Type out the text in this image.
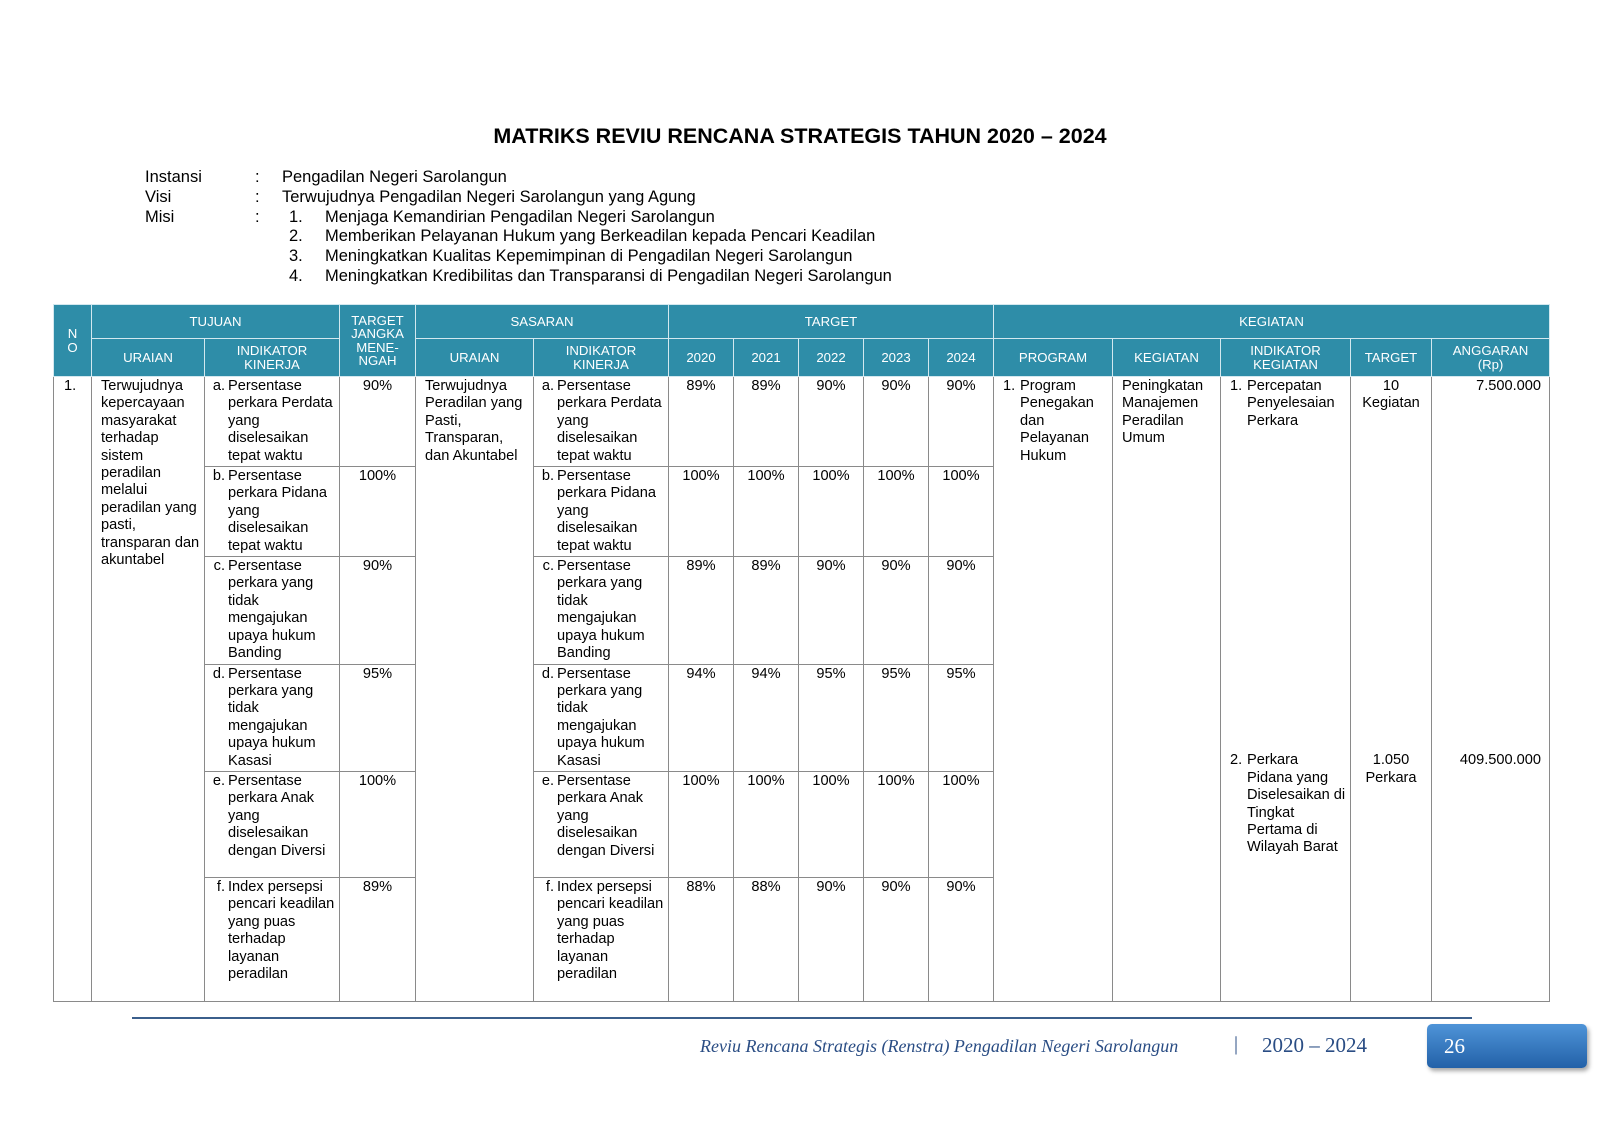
MATRIKS REVIU RENCANA STRATEGIS TAHUN 2020 – 2024
Instansi	:	Pengadilan Negeri Sarolangun
Visi	:	Terwujudnya Pengadilan Negeri Sarolangun yang Agung
Misi	:	1.	Menjaga Kemandirian Pengadilan Negeri Sarolangun
2.	Memberikan Pelayanan Hukum yang Berkeadilan kepada Pencari Keadilan
3.	Meningkatkan Kualitas Kepemimpinan di Pengadilan Negeri Sarolangun
4.	Meningkatkan Kredibilitas dan Transparansi di Pengadilan Negeri Sarolangun
N O	TUJUAN		TARGET JANGKA MENE- NGAH	SASARAN		TARGET					KEGIATAN				
	URAIAN	INDIKATOR KINERJA		URAIAN	INDIKATOR KINERJA	2020	2021	2022	2023	2024	PROGRAM	KEGIATAN	INDIKATOR KEGIATAN	TARGET	ANGGARAN (Rp)
1.	Terwujudnya kepercayaan masyarakat terhadap sistem peradilan melalui peradilan yang pasti, transparan dan akuntabel	a. Persentase perkara Perdata yang diselesaikan tepat waktu	90%	Terwujudnya Peradilan yang Pasti, Transparan, dan Akuntabel	a. Persentase perkara Perdata yang diselesaikan tepat waktu	89%	89%	90%	90%	90%	1. Program Penegakan dan Pelayanan Hukum	Peningkatan Manajemen Peradilan Umum	1. Percepatan Penyelesaian Perkara	10 Kegiatan	7.500.000

		b. Persentase perkara Pidana yang diselesaikan tepat waktu	100%		b. Persentase perkara Pidana yang diselesaikan tepat waktu	100%	100%	100%	100%	100%					

		c. Persentase perkara yang tidak mengajukan upaya hukum Banding	90%		c. Persentase perkara yang tidak mengajukan upaya hukum Banding	89%	89%	90%	90%	90%					

		d. Persentase perkara yang tidak mengajukan upaya hukum Kasasi	95%		d. Persentase perkara yang tidak mengajukan upaya hukum Kasasi	94%	94%	95%	95%	95%					

		e. Persentase perkara Anak yang diselesaikan dengan Diversi	100%		e. Persentase perkara Anak yang diselesaikan dengan Diversi	100%	100%	100%	100%	100%			2. Perkara Pidana yang Diselesaikan di Tingkat Pertama di Wilayah Barat	1.050 Perkara	409.500.000

		f. Index persepsi pencari keadilan yang puas terhadap layanan peradilan	89%		f. Index persepsi pencari keadilan yang puas terhadap layanan peradilan	88%	88%	90%	90%	90%					
Reviu Rencana Strategis (Renstra) Pengadilan Negeri Sarolangun	| 2020 – 2024	26
